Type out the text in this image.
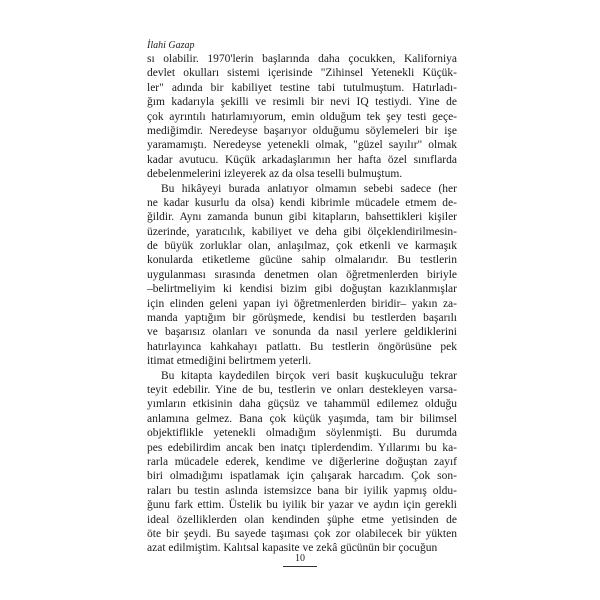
İlahi Gazap
sı olabilir. 1970'lerin başlarında daha çocukken, Kaliforniya
devlet okulları sistemi içerisinde "Zihinsel Yetenekli Küçük-
ler" adında bir kabiliyet testine tabi tutulmuştum. Hatırladı-
ğım kadarıyla şekilli ve resimli bir nevi IQ testiydi. Yine de
çok ayrıntılı hatırlamıyorum, emin olduğum tek şey testi geçe-
mediğimdir. Neredeyse başarıyor olduğumu söylemeleri bir işe
yaramamıştı. Neredeyse yetenekli olmak, "güzel sayılır" olmak
kadar avutucu. Küçük arkadaşlarımın her hafta özel sınıflarda
debelenmelerini izleyerek az da olsa teselli bulmuştum.
Bu hikâyeyi burada anlatıyor olmamın sebebi sadece (her
ne kadar kusurlu da olsa) kendi kibrimle mücadele etmem de-
ğildir. Aynı zamanda bunun gibi kitapların, bahsettikleri kişiler
üzerinde, yaratıcılık, kabiliyet ve deha gibi ölçeklendirilmesin-
de büyük zorluklar olan, anlaşılmaz, çok etkenli ve karmaşık
konularda etiketleme gücüne sahip olmalarıdır. Bu testlerin
uygulanması sırasında denetmen olan öğretmenlerden biriyle
–belirtmeliyim ki kendisi bizim gibi doğuştan kazıklanmışlar
için elinden geleni yapan iyi öğretmenlerden biridir– yakın za-
manda yaptığım bir görüşmede, kendisi bu testlerden başarılı
ve başarısız olanları ve sonunda da nasıl yerlere geldiklerini
hatırlayınca kahkahayı patlattı. Bu testlerin öngörüsüne pek
itimat etmediğini belirtmem yeterli.
Bu kitapta kaydedilen birçok veri basit kuşkuculuğu tekrar
teyit edebilir. Yine de bu, testlerin ve onları destekleyen varsa-
yımların etkisinin daha güçsüz ve tahammül edilemez olduğu
anlamına gelmez. Bana çok küçük yaşımda, tam bir bilimsel
objektiflikle yetenekli olmadığım söylenmişti. Bu durumda
pes edebilirdim ancak ben inatçı tiplerdendim. Yıllarımı bu ka-
rarla mücadele ederek, kendime ve diğerlerine doğuştan zayıf
biri olmadığımı ispatlamak için çalışarak harcadım. Çok son-
raları bu testin aslında istemsizce bana bir iyilik yapmış oldu-
ğunu fark ettim. Üstelik bu iyilik bir yazar ve aydın için gerekli
ideal özelliklerden olan kendinden şüphe etme yetisinden de
öte bir şeydi. Bu sayede taşıması çok zor olabilecek bir yükten
azat edilmiştim. Kalıtsal kapasite ve zekâ gücünün bir çocuğun
10
